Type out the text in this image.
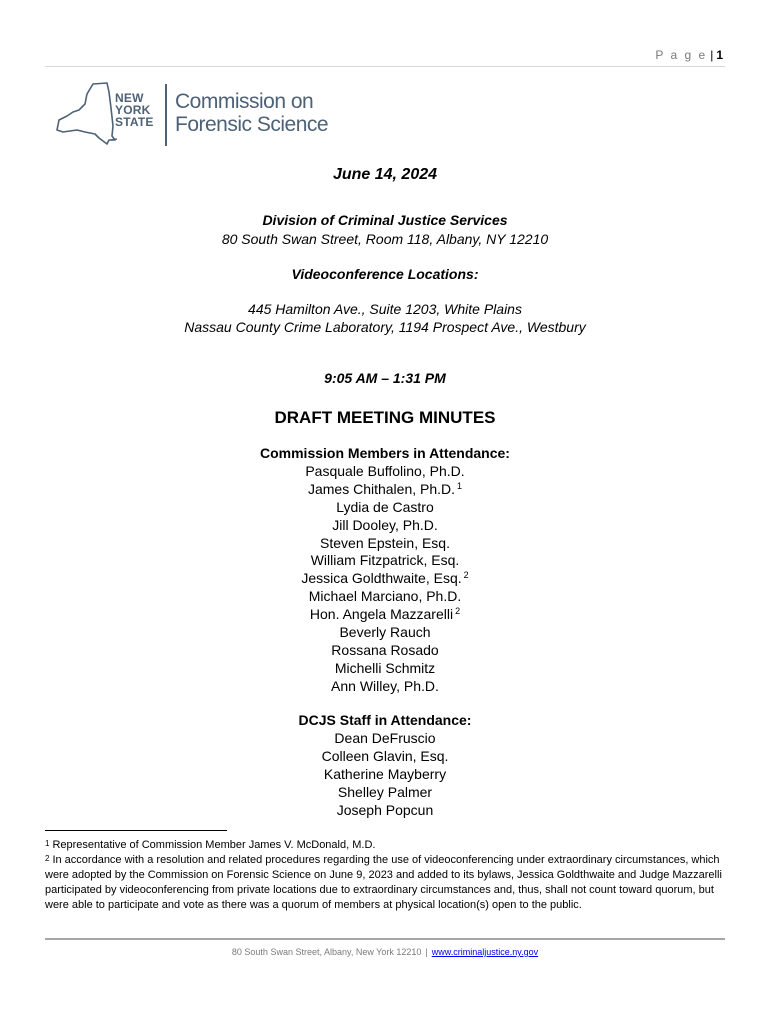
P a g e | 1
NEW
YORK
STATE
Commission on
Forensic Science
June 14, 2024
Division of Criminal Justice Services
80 South Swan Street, Room 118, Albany, NY 12210
Videoconference Locations:
445 Hamilton Ave., Suite 1203, White Plains
Nassau County Crime Laboratory, 1194 Prospect Ave., Westbury
9:05 AM – 1:31 PM
DRAFT MEETING MINUTES
Commission Members in Attendance:
Pasquale Buffolino, Ph.D.
James Chithalen, Ph.D. $^1$
Lydia de Castro
Jill Dooley, Ph.D.
Steven Epstein, Esq.
William Fitzpatrick, Esq.
Jessica Goldthwaite, Esq. $^2$
Michael Marciano, Ph.D.
Hon. Angela Mazzarelli $^2$
Beverly Rauch
Rossana Rosado
Michelli Schmitz
Ann Willey, Ph.D.
DCJS Staff in Attendance:
Dean DeFruscio
Colleen Glavin, Esq.
Katherine Mayberry
Shelley Palmer
Joseph Popcun
$^1$ Representative of Commission Member James V. McDonald, M.D.
$^2$ In accordance with a resolution and related procedures regarding the use of videoconferencing under extraordinary circumstances, which were adopted by the Commission on Forensic Science on June 9, 2023 and added to its bylaws, Jessica Goldthwaite and Judge Mazzarelli participated by videoconferencing from private locations due to extraordinary circumstances and, thus, shall not count toward quorum, but were able to participate and vote as there was a quorum of members at physical location(s) open to the public.
80 South Swan Street, Albany, New York 12210 | www.criminaljustice.ny.gov
